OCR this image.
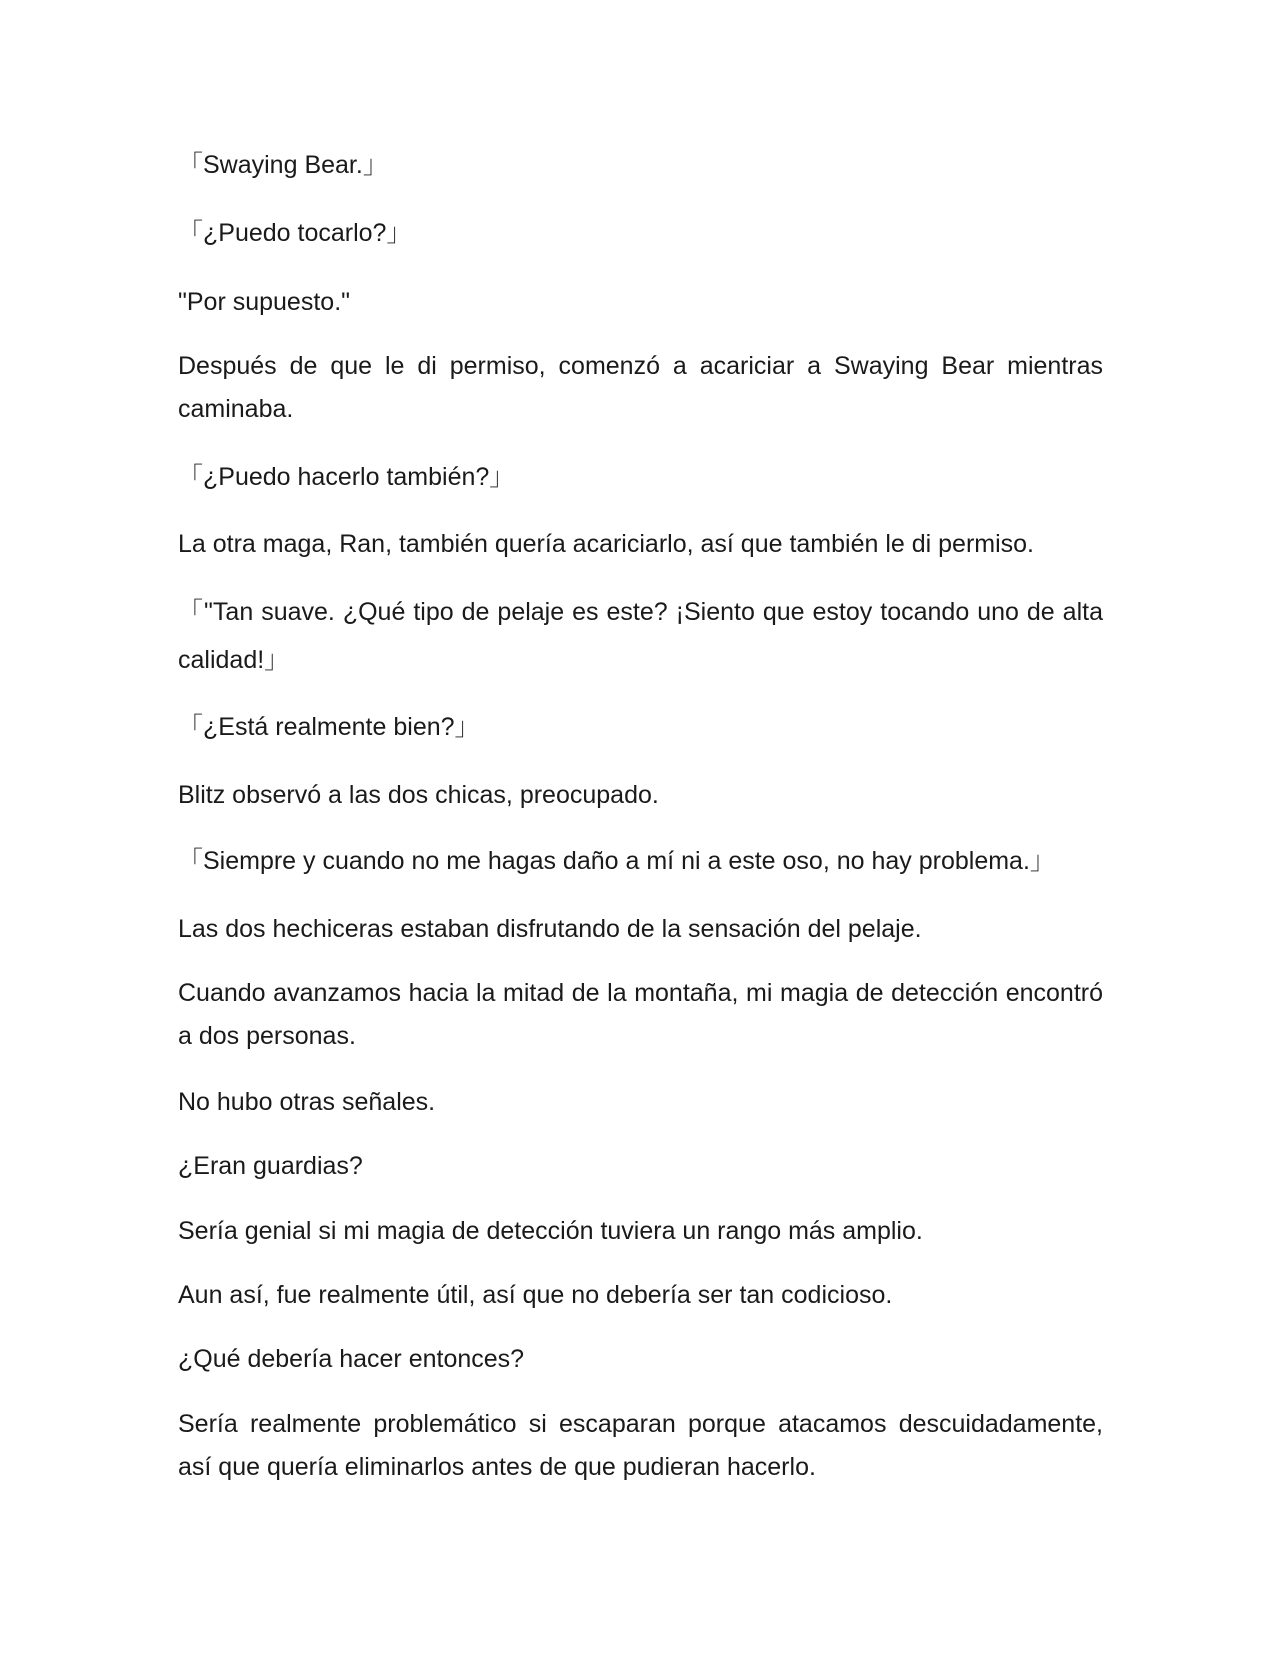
「Swaying Bear.」

「¿Puedo tocarlo?」

"Por supuesto."

Después de que le di permiso, comenzó a acariciar a Swaying Bear mientras caminaba.

「¿Puedo hacerlo también?」

La otra maga, Ran, también quería acariciarlo, así que también le di permiso.

「"Tan suave. ¿Qué tipo de pelaje es este? ¡Siento que estoy tocando uno de alta calidad!」

「¿Está realmente bien?」

Blitz observó a las dos chicas, preocupado.

「Siempre y cuando no me hagas daño a mí ni a este oso, no hay problema.」

Las dos hechiceras estaban disfrutando de la sensación del pelaje.

Cuando avanzamos hacia la mitad de la montaña, mi magia de detección encontró a dos personas.

No hubo otras señales.

¿Eran guardias?

Sería genial si mi magia de detección tuviera un rango más amplio.

Aun así, fue realmente útil, así que no debería ser tan codicioso.

¿Qué debería hacer entonces?

Sería realmente problemático si escaparan porque atacamos descuidadamente, así que quería eliminarlos antes de que pudieran hacerlo.
